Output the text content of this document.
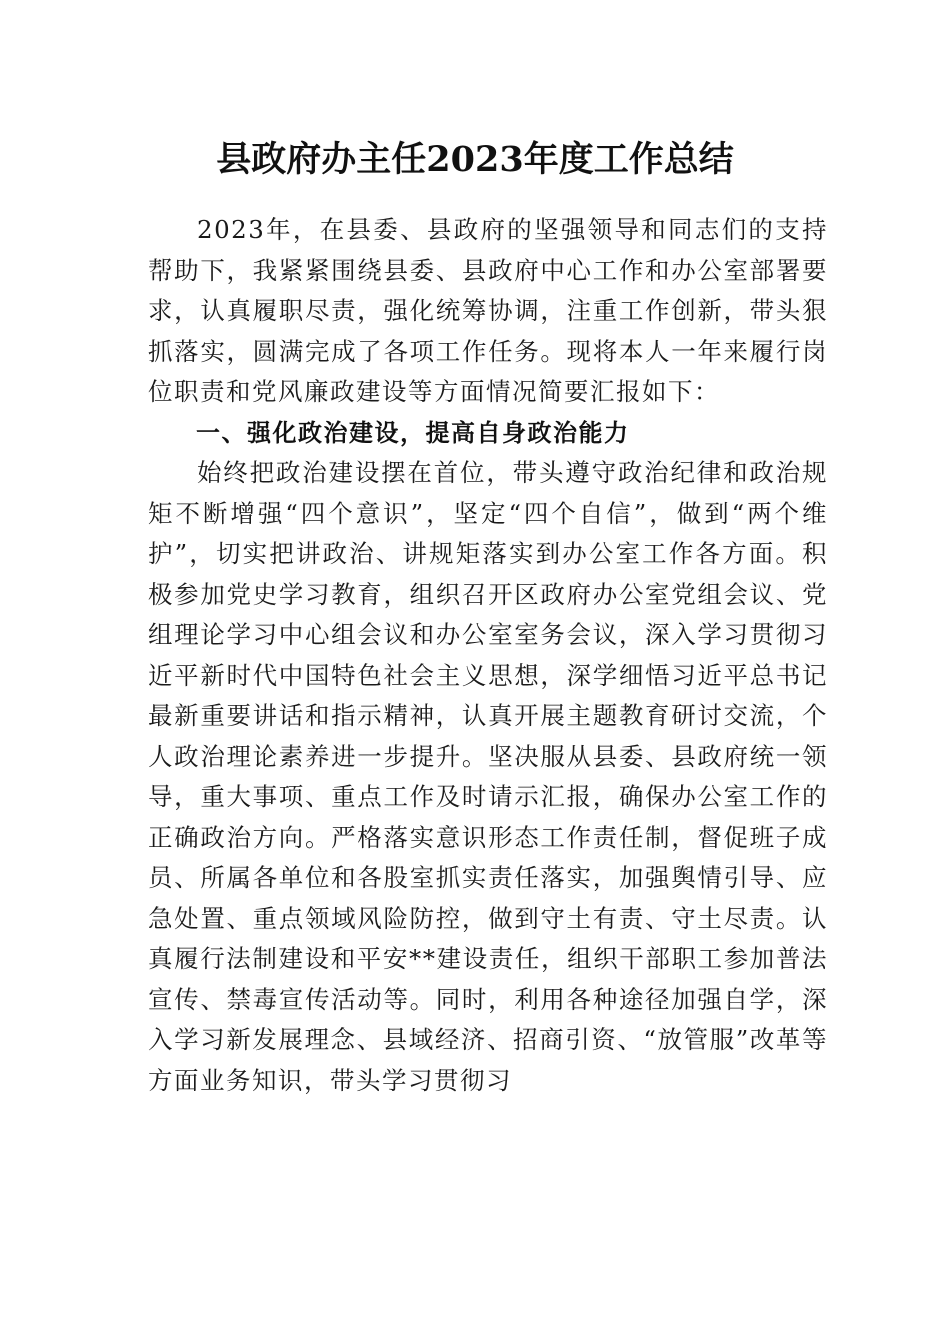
县政府办主任2023年度工作总结

2023年，在县委、县政府的坚强领导和同志们的支持帮助下，我紧紧围绕县委、县政府中心工作和办公室部署要求，认真履职尽责，强化统筹协调，注重工作创新，带头狠抓落实，圆满完成了各项工作任务。现将本人一年来履行岗位职责和党风廉政建设等方面情况简要汇报如下：

一、强化政治建设，提高自身政治能力

始终把政治建设摆在首位，带头遵守政治纪律和政治规矩不断增强“四个意识”，坚定“四个自信”，做到“两个维护”，切实把讲政治、讲规矩落实到办公室工作各方面。积极参加党史学习教育，组织召开区政府办公室党组会议、党组理论学习中心组会议和办公室室务会议，深入学习贯彻习近平新时代中国特色社会主义思想，深学细悟习近平总书记最新重要讲话和指示精神，认真开展主题教育研讨交流，个人政治理论素养进一步提升。坚决服从县委、县政府统一领导，重大事项、重点工作及时请示汇报，确保办公室工作的正确政治方向。严格落实意识形态工作责任制，督促班子成员、所属各单位和各股室抓实责任落实，加强舆情引导、应急处置、重点领域风险防控，做到守土有责、守土尽责。认真履行法制建设和平安**建设责任，组织干部职工参加普法宣传、禁毒宣传活动等。同时，利用各种途径加强自学，深入学习新发展理念、县域经济、招商引资、“放管服”改革等方面业务知识，带头学习贯彻习
